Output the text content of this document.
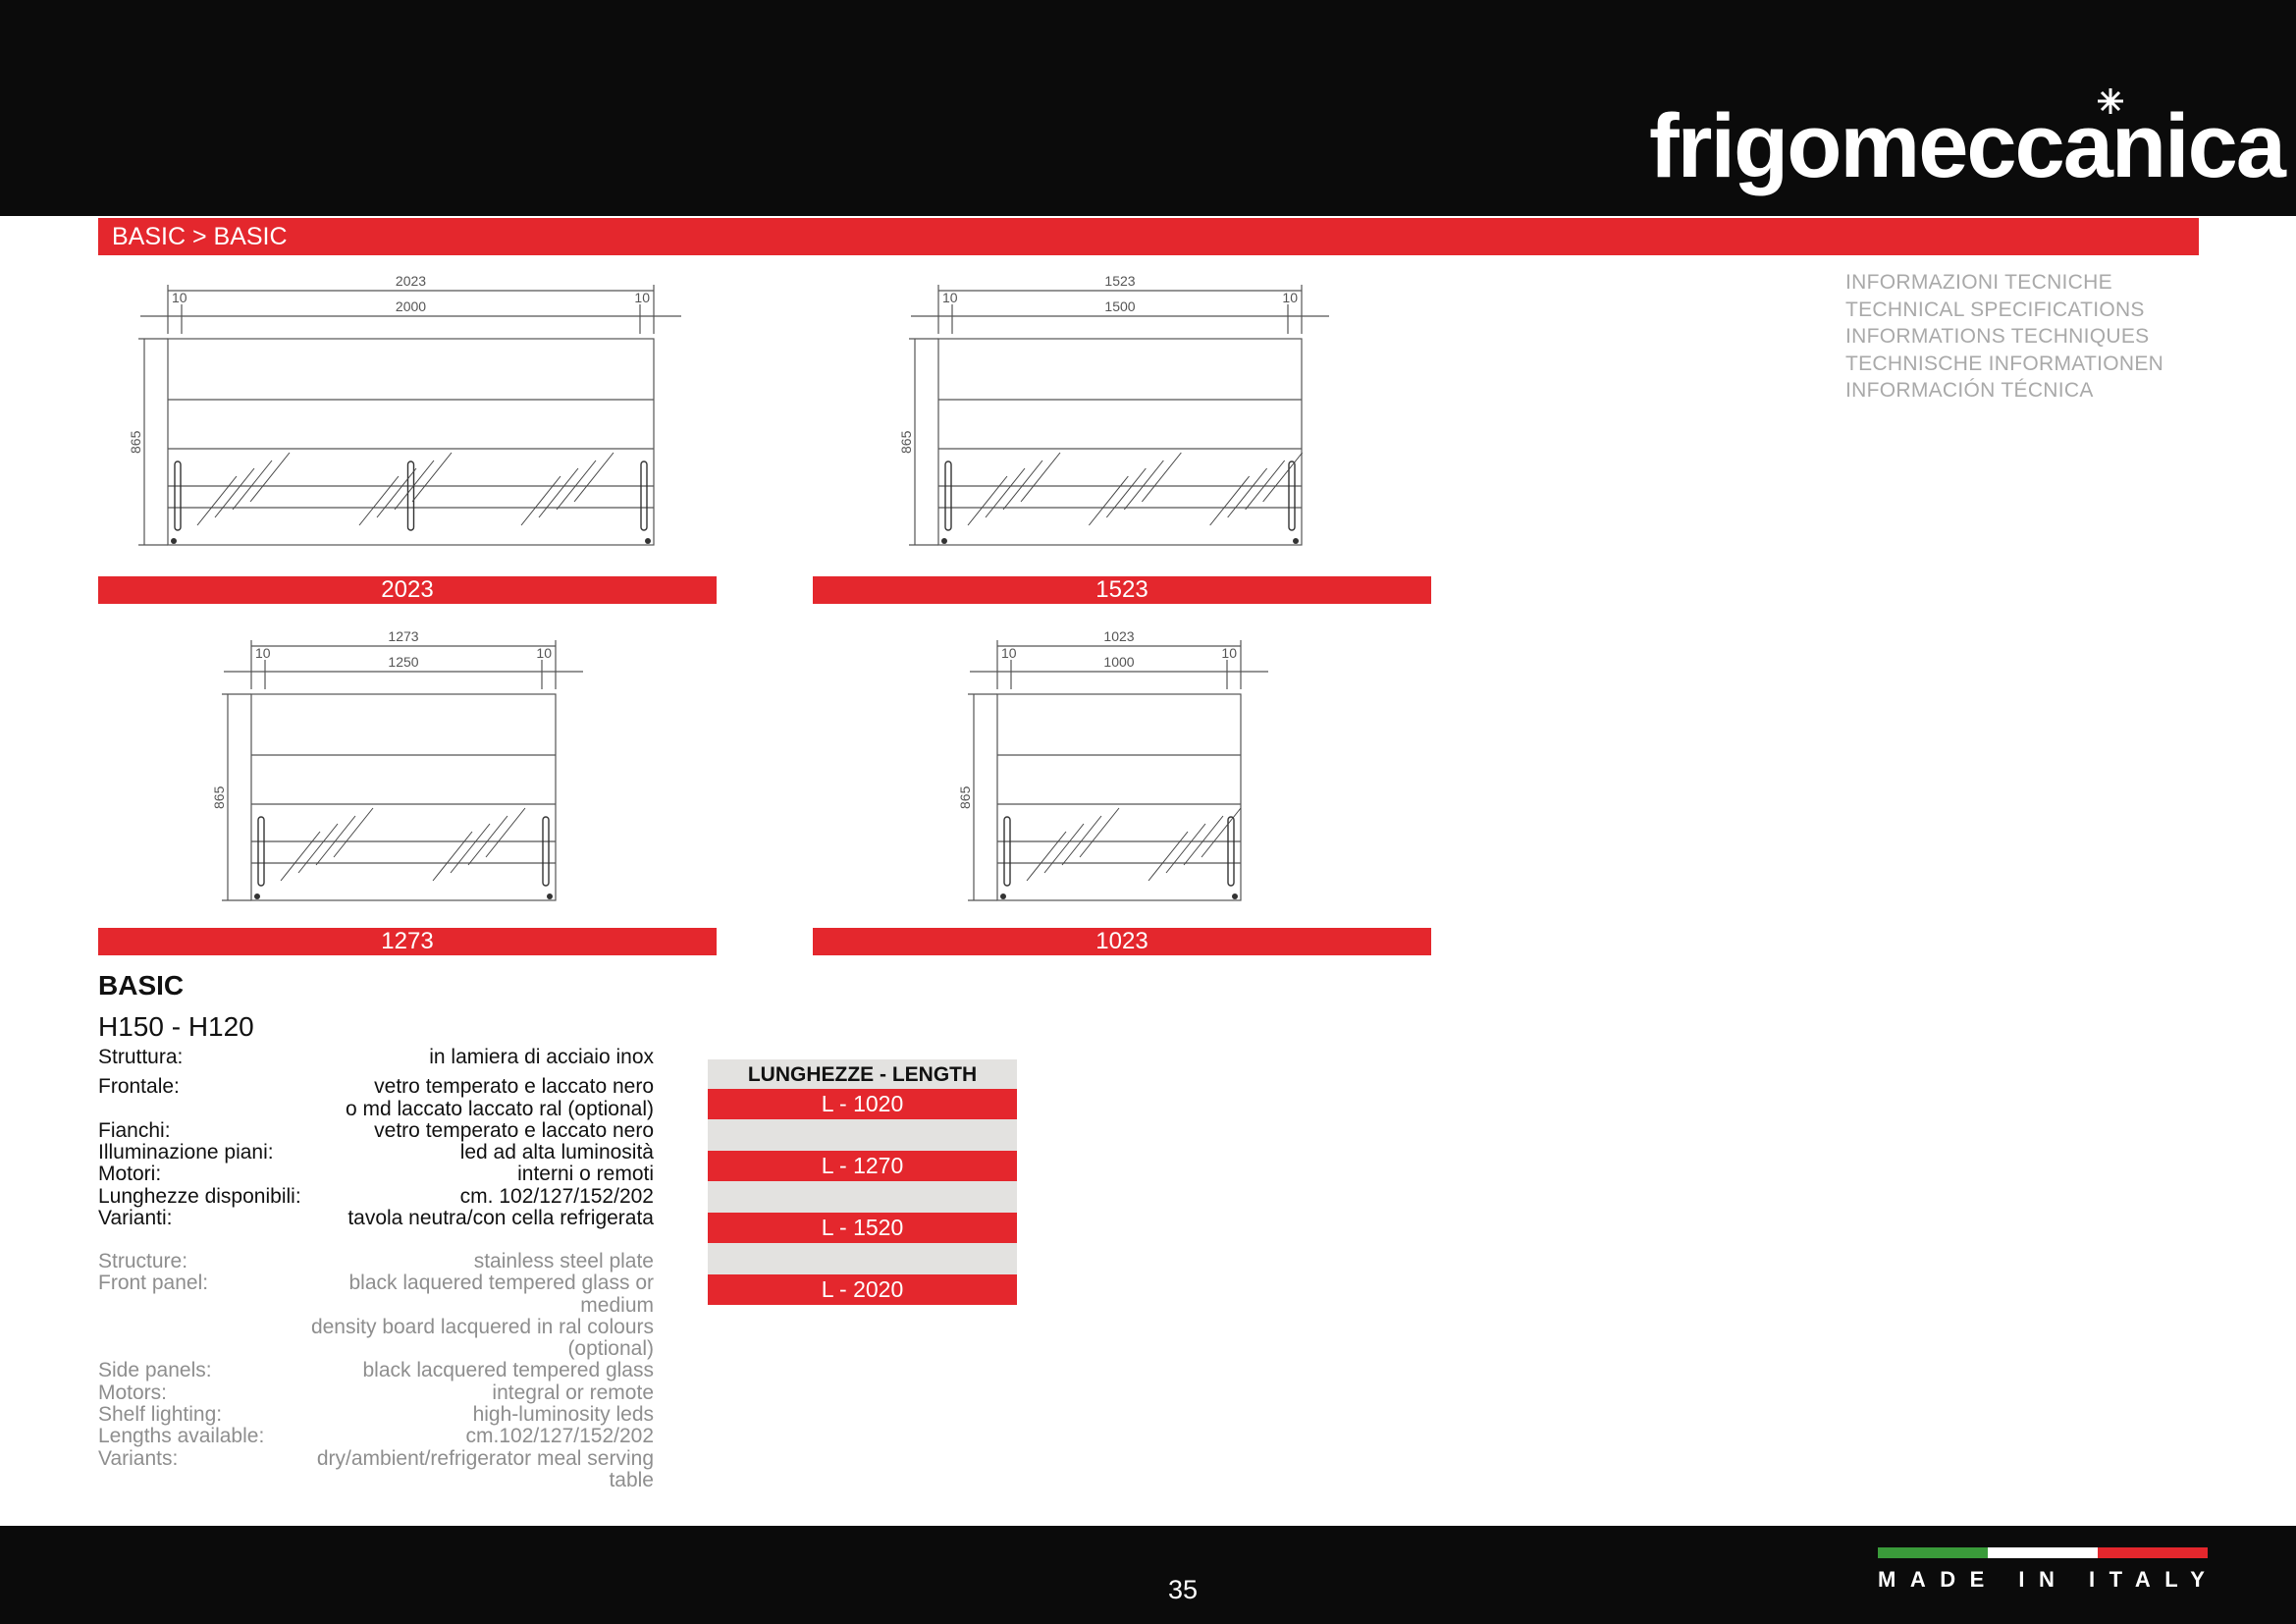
frigomeccanica
BASIC > BASIC
INFORMAZIONI TECNICHE
TECHNICAL SPECIFICATIONS
INFORMATIONS TECHNIQUES
TECHNISCHE INFORMATIONEN
INFORMACIÓN TÉCNICA
2023
2000
10	10
865
2023
1523
1500
10	10
865
1523
1273
1250
10	10
865
1273
1023
1000
10	10
865
1023
BASIC
H150 - H120
Struttura:	in lamiera di acciaio inox
Frontale:	vetro temperato e laccato nero
o md laccato laccato ral (optional)
Fianchi:	vetro temperato e laccato nero
Illuminazione piani:	led ad alta luminosità
Motori:	interni o remoti
Lunghezze disponibili:	cm. 102/127/152/202
Varianti:	tavola neutra/con cella refrigerata
Structure:	stainless steel plate
Front panel:	black laquered tempered glass or medium
density board lacquered in ral colours (optional)
Side panels:	black lacquered tempered glass
Motors:	integral or remote
Shelf lighting:	high-luminosity leds
Lengths available:	cm.102/127/152/202
Variants:	dry/ambient/refrigerator meal serving table
LUNGHEZZE - LENGTH
L - 1020
L - 1270
L - 1520
L - 2020
35	MADE IN ITALY
